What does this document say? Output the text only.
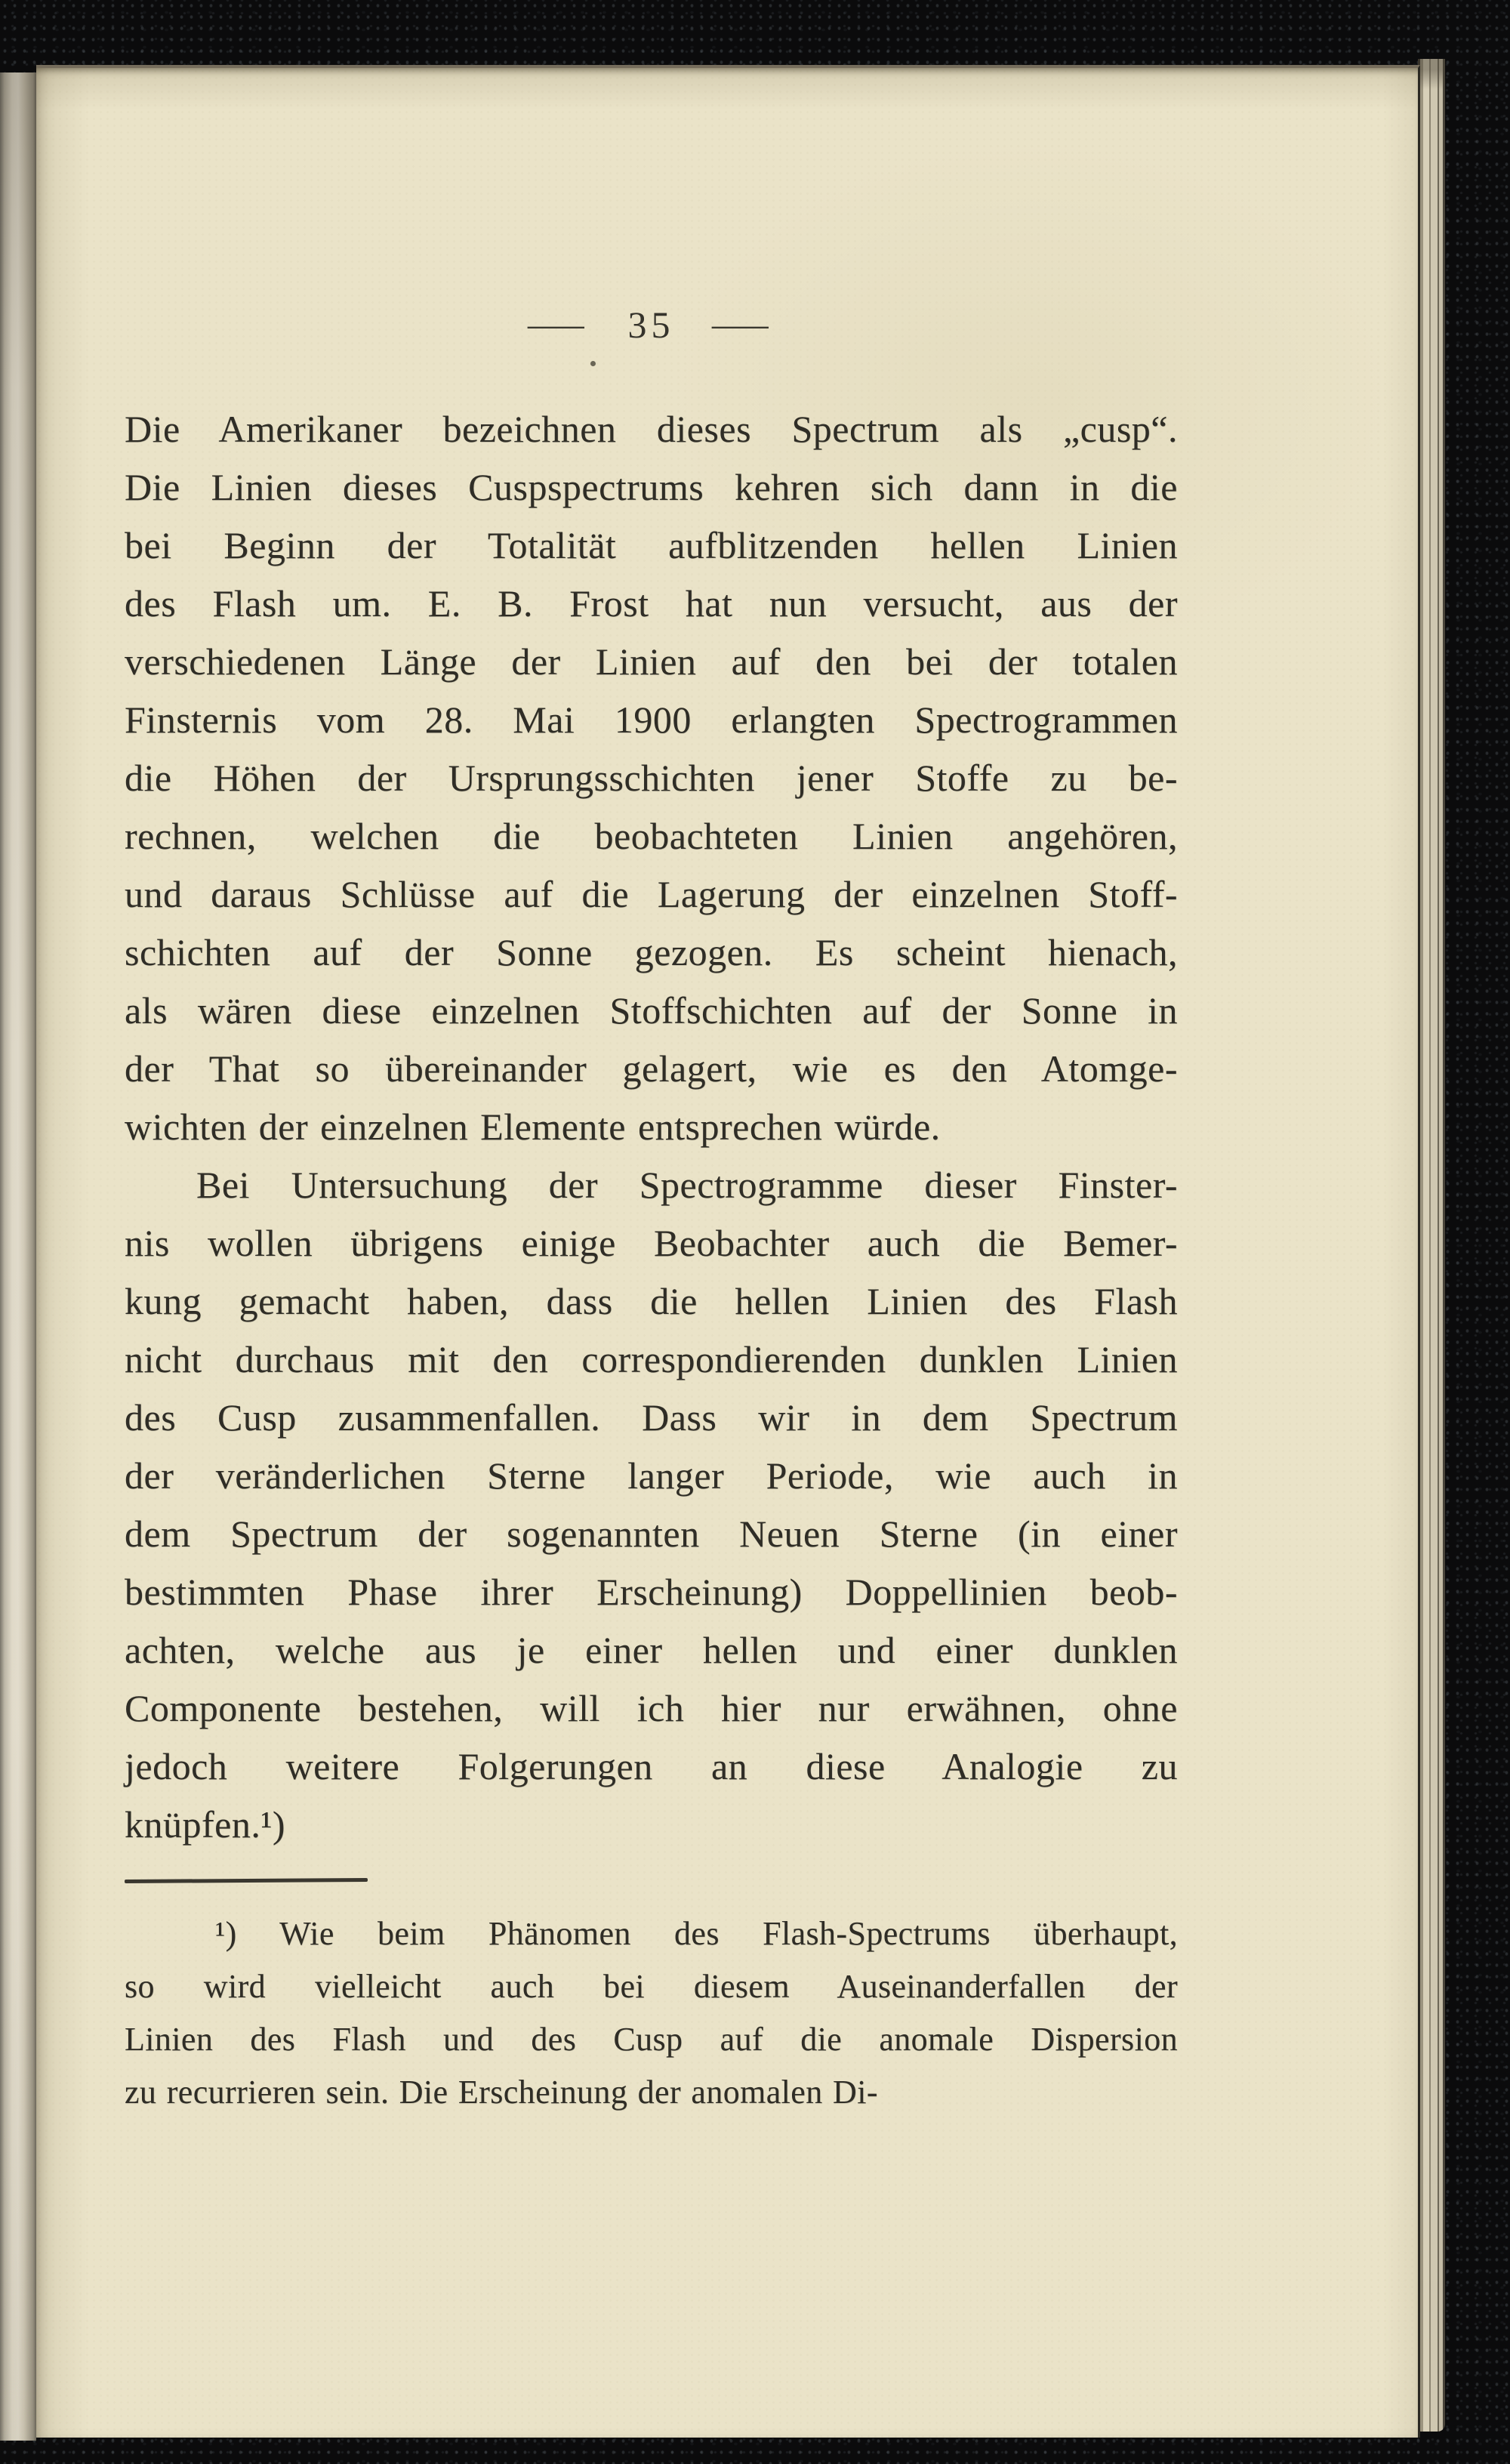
— 35 —
Die Amerikaner bezeichnen dieses Spectrum als „cusp“.
Die Linien dieses Cuspspectrums kehren sich dann in die
bei Beginn der Totalität aufblitzenden hellen Linien
des Flash um. E. B. Frost hat nun versucht, aus der
verschiedenen Länge der Linien auf den bei der totalen
Finsternis vom 28. Mai 1900 erlangten Spectrogrammen
die Höhen der Ursprungsschichten jener Stoffe zu be-
rechnen, welchen die beobachteten Linien angehören,
und daraus Schlüsse auf die Lagerung der einzelnen Stoff-
schichten auf der Sonne gezogen. Es scheint hienach,
als wären diese einzelnen Stoffschichten auf der Sonne in
der That so übereinander gelagert, wie es den Atomge-
wichten der einzelnen Elemente entsprechen würde.
Bei Untersuchung der Spectrogramme dieser Finster-
nis wollen übrigens einige Beobachter auch die Bemer-
kung gemacht haben, dass die hellen Linien des Flash
nicht durchaus mit den correspondierenden dunklen Linien
des Cusp zusammenfallen. Dass wir in dem Spectrum
der veränderlichen Sterne langer Periode, wie auch in
dem Spectrum der sogenannten Neuen Sterne (in einer
bestimmten Phase ihrer Erscheinung) Doppellinien beob-
achten, welche aus je einer hellen und einer dunklen
Componente bestehen, will ich hier nur erwähnen, ohne
jedoch weitere Folgerungen an diese Analogie zu
knüpfen.¹)
¹) Wie beim Phänomen des Flash-Spectrums überhaupt,
so wird vielleicht auch bei diesem Auseinanderfallen der
Linien des Flash und des Cusp auf die anomale Dispersion
zu recurrieren sein. Die Erscheinung der anomalen Di-
